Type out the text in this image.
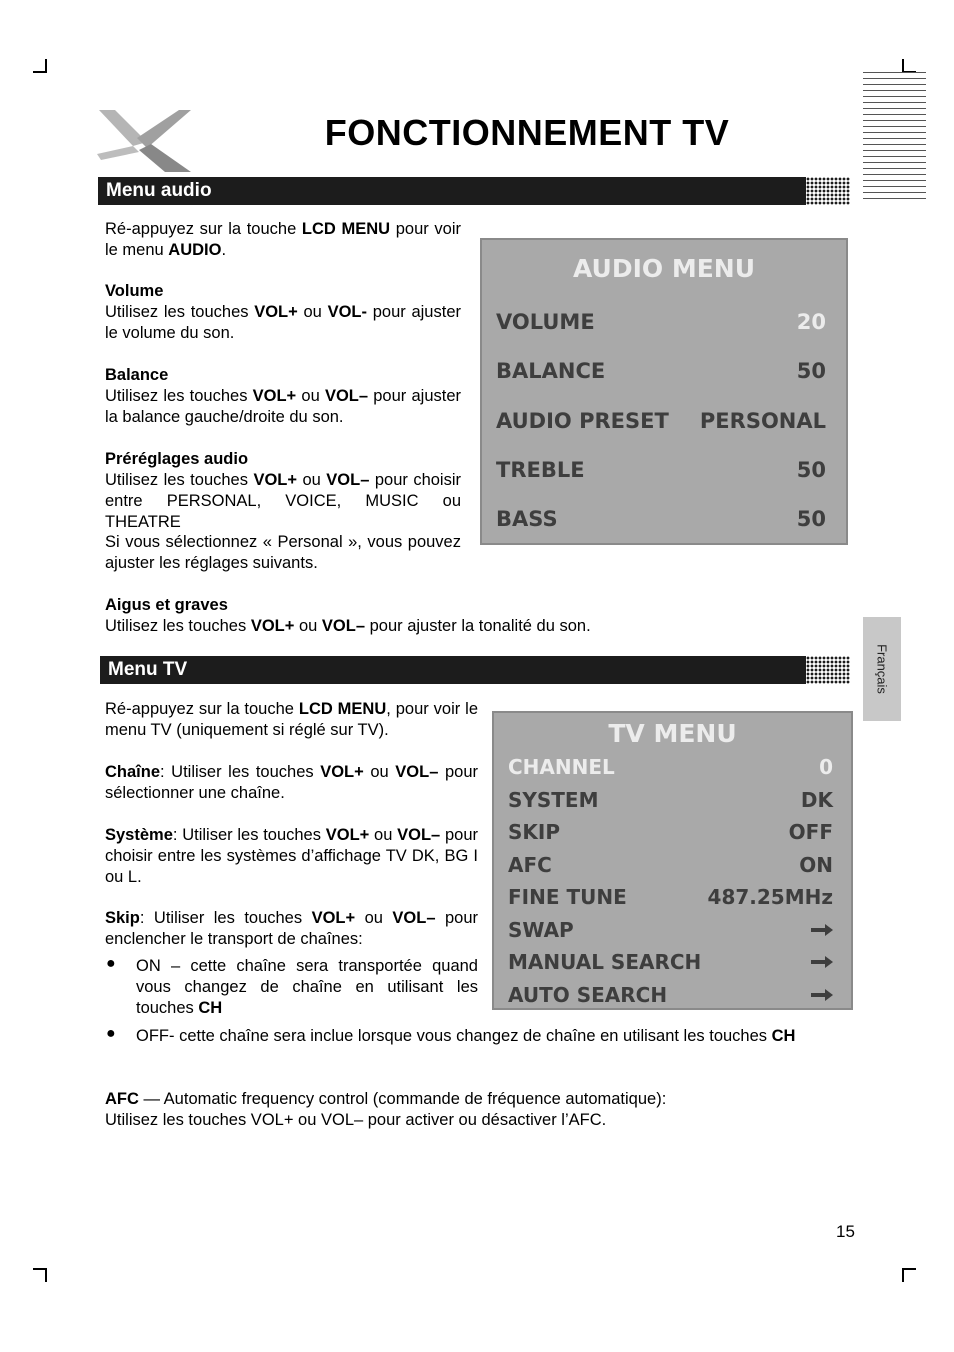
FONCTIONNEMENT TV
Menu audio
Ré-appuyez sur la touche LCD MENU pour voir le menu AUDIO.
Volume
Utilisez les touches VOL+ ou VOL- pour ajuster le volume du son.
Balance
Utilisez les touches VOL+ ou VOL– pour ajuster la balance gauche/droite du son.
Préréglages audio
Utilisez les touches VOL+ ou VOL– pour choisir entre PERSONAL, VOICE, MUSIC ou THEATRE
Si vous sélectionnez « Personal », vous pouvez ajuster les réglages suivants.
Aigus et graves
Utilisez les touches VOL+ ou VOL– pour ajuster la tonalité du son.
AUDIO MENU
VOLUME	20
BALANCE	50
AUDIO PRESET PERSONAL
TREBLE	50
BASS	50
Français
Menu TV
Ré-appuyez sur la touche LCD MENU, pour voir le menu TV (uniquement si réglé sur TV).
Chaîne: Utiliser les touches VOL+ ou VOL– pour sélectionner une chaîne.
Système: Utiliser les touches VOL+ ou VOL– pour choisir entre les systèmes d’affichage TV DK, BG I ou L.
Skip: Utiliser les touches VOL+ ou VOL– pour enclencher le transport de chaînes:
● ON – cette chaîne sera transportée quand vous changez de chaîne en utilisant les touches CH
● OFF- cette chaîne sera inclue lorsque vous changez de chaîne en utilisant les touches CH
AFC — Automatic frequency control (commande de fréquence automatique):
Utilisez les touches VOL+ ou VOL– pour activer ou désactiver l’AFC.
TV MENU
CHANNEL	0
SYSTEM	DK
SKIP	OFF
AFC	ON
FINE TUNE	487.25MHz
SWAP
MANUAL SEARCH
AUTO SEARCH
15
